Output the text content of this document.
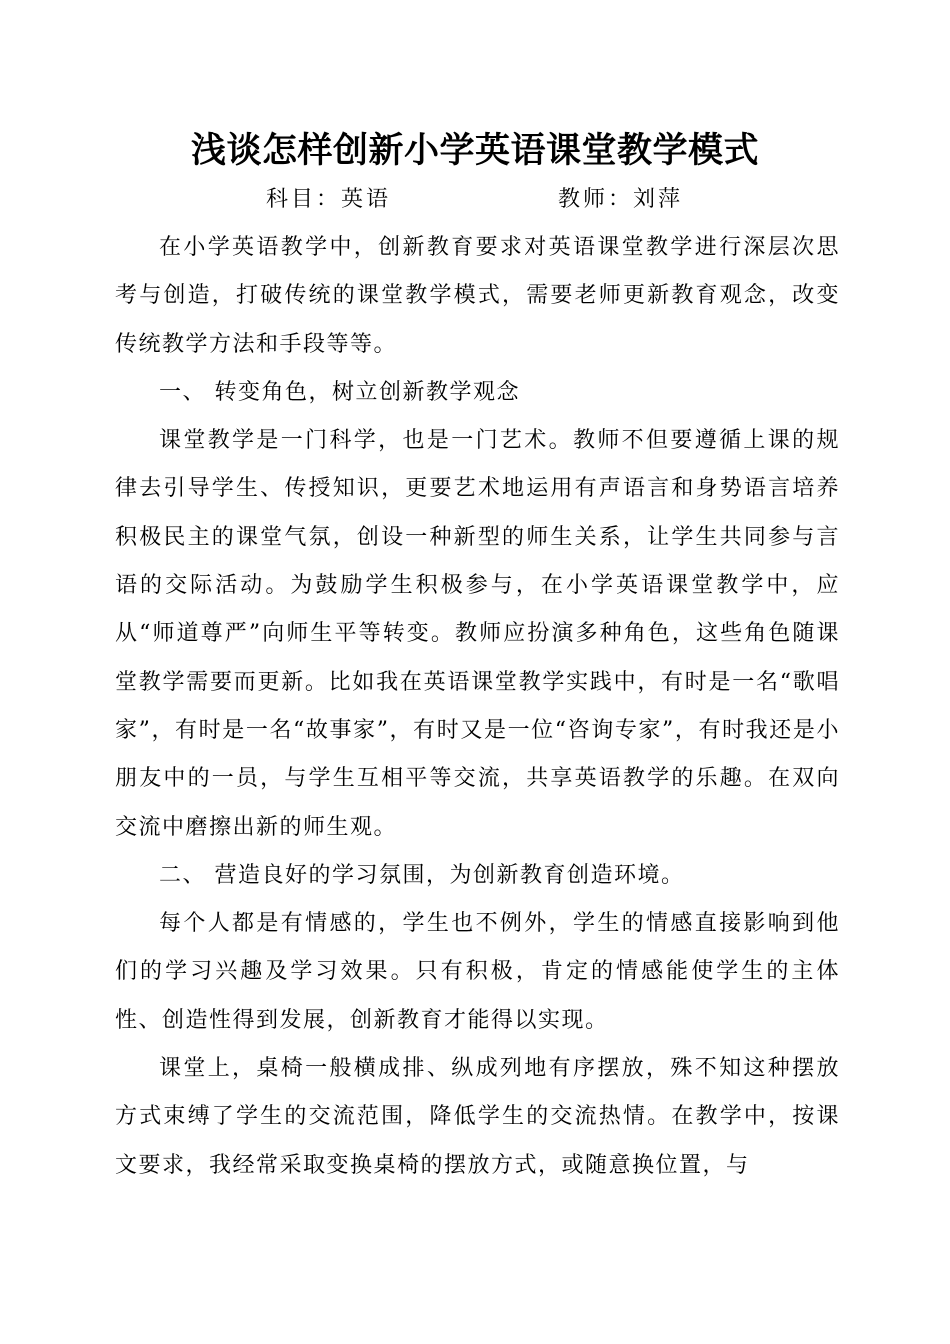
浅谈怎样创新小学英语课堂教学模式
科目：英语	教师：刘萍

在小学英语教学中，创新教育要求对英语课堂教学进行深层次思考与创造，打破传统的课堂教学模式，需要老师更新教育观念，改变传统教学方法和手段等等。

一、 转变角色，树立创新教学观念

课堂教学是一门科学，也是一门艺术。教师不但要遵循上课的规律去引导学生、传授知识，更要艺术地运用有声语言和身势语言培养积极民主的课堂气氛，创设一种新型的师生关系，让学生共同参与言语的交际活动。为鼓励学生积极参与，在小学英语课堂教学中，应从“师道尊严”向师生平等转变。教师应扮演多种角色，这些角色随课堂教学需要而更新。比如我在英语课堂教学实践中，有时是一名“歌唱家”，有时是一名“故事家”，有时又是一位“咨询专家”，有时我还是小朋友中的一员，与学生互相平等交流，共享英语教学的乐趣。在双向交流中磨擦出新的师生观。

二、 营造良好的学习氛围，为创新教育创造环境。

每个人都是有情感的，学生也不例外，学生的情感直接影响到他们的学习兴趣及学习效果。只有积极，肯定的情感能使学生的主体性、创造性得到发展，创新教育才能得以实现。

课堂上，桌椅一般横成排、纵成列地有序摆放，殊不知这种摆放方式束缚了学生的交流范围，降低学生的交流热情。在教学中，按课文要求，我经常采取变换桌椅的摆放方式，或随意换位置，与
